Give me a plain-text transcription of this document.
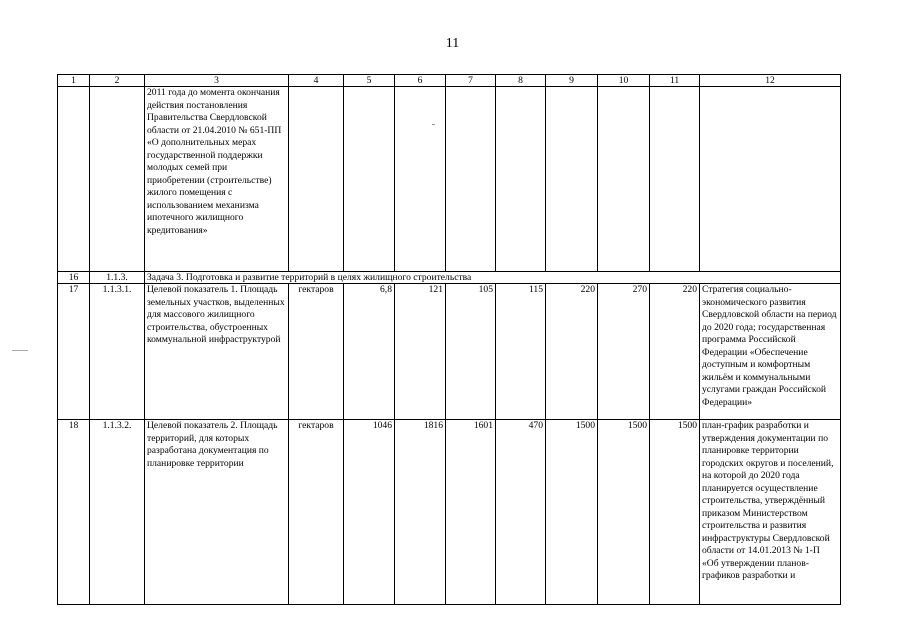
11
1	2	3	4	5	6	7	8	9	10	11	12
		2011 года до момента окончания действия постановления Правительства Свердловской области от 21.04.2010 № 651-ПП «О дополнительных мерах государственной поддержки молодых семей при приобретении (строительстве) жилого помещения с использованием механизма ипотечного жилищного кредитования»									
16	1.1.3.	Задача 3. Подготовка и развитие территорий в целях жилищного строительства									
17	1.1.3.1.	Целевой показатель 1. Площадь земельных участков, выделенных для массового жилищного строительства, обустроенных коммунальной инфраструктурой	гектаров	6,8	121	105	115	220	270	220	Стратегия социально-экономического развития Свердловской области на период до 2020 года; государственная программа Российской Федерации «Обеспечение доступным и комфортным жильём и коммунальными услугами граждан Российской Федерации»
18	1.1.3.2.	Целевой показатель 2. Площадь территорий, для которых разработана документация по планировке территории	гектаров	1046	1816	1601	470	1500	1500	1500	план-график разработки и утверждения документации по планировке территории городских округов и поселений, на которой до 2020 года планируется осуществление строительства, утверждённый приказом Министерством строительства и развития инфраструктуры Свердловской области от 14.01.2013 № 1-П «Об утверждении планов-графиков разработки и
